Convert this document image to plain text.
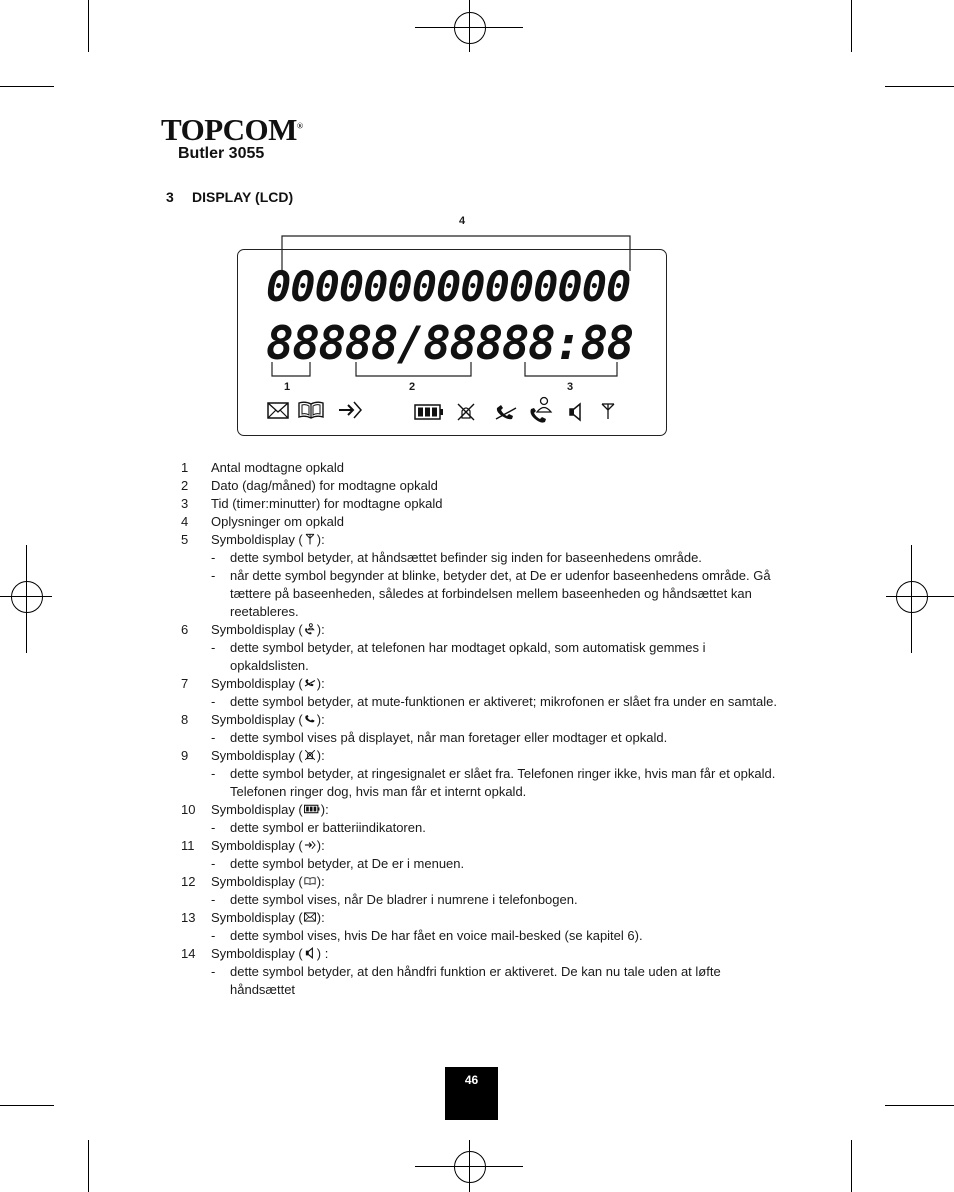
TOPCOM®
Butler 3055
3 DISPLAY (LCD)
4
000000000000000
88888/88888:88
1	2	3
1	Antal modtagne opkald
2	Dato (dag/måned) for modtagne opkald
3	Tid (timer:minutter) for modtagne opkald
4	Oplysninger om opkald
5	Symboldisplay ( ):
-	dette symbol betyder, at håndsættet befinder sig inden for baseenhedens område.
-	når dette symbol begynder at blinke, betyder det, at De er udenfor baseenhedens område. Gå tættere på baseenheden, således at forbindelsen mellem baseenheden og håndsættet kan reetableres.
6	Symboldisplay ( ):
-	dette symbol betyder, at telefonen har modtaget opkald, som automatisk gemmes i opkaldslisten.
7	Symboldisplay ( ):
-	dette symbol betyder, at mute-funktionen er aktiveret; mikrofonen er slået fra under en samtale.
8	Symboldisplay ( ):
-	dette symbol vises på displayet, når man foretager eller modtager et opkald.
9	Symboldisplay ( ):
-	dette symbol betyder, at ringesignalet er slået fra. Telefonen ringer ikke, hvis man får et opkald. Telefonen ringer dog, hvis man får et internt opkald.
10	Symboldisplay ( ):
-	dette symbol er batteriindikatoren.
11	Symboldisplay ( ):
-	dette symbol betyder, at De er i menuen.
12	Symboldisplay ( ):
-	dette symbol vises, når De bladrer i numrene i telefonbogen.
13	Symboldisplay ( ):
-	dette symbol vises, hvis De har fået en voice mail-besked (se kapitel 6).
14	Symboldisplay ( ) :
-	dette symbol betyder, at den håndfri funktion er aktiveret. De kan nu tale uden at løfte håndsættet
46
